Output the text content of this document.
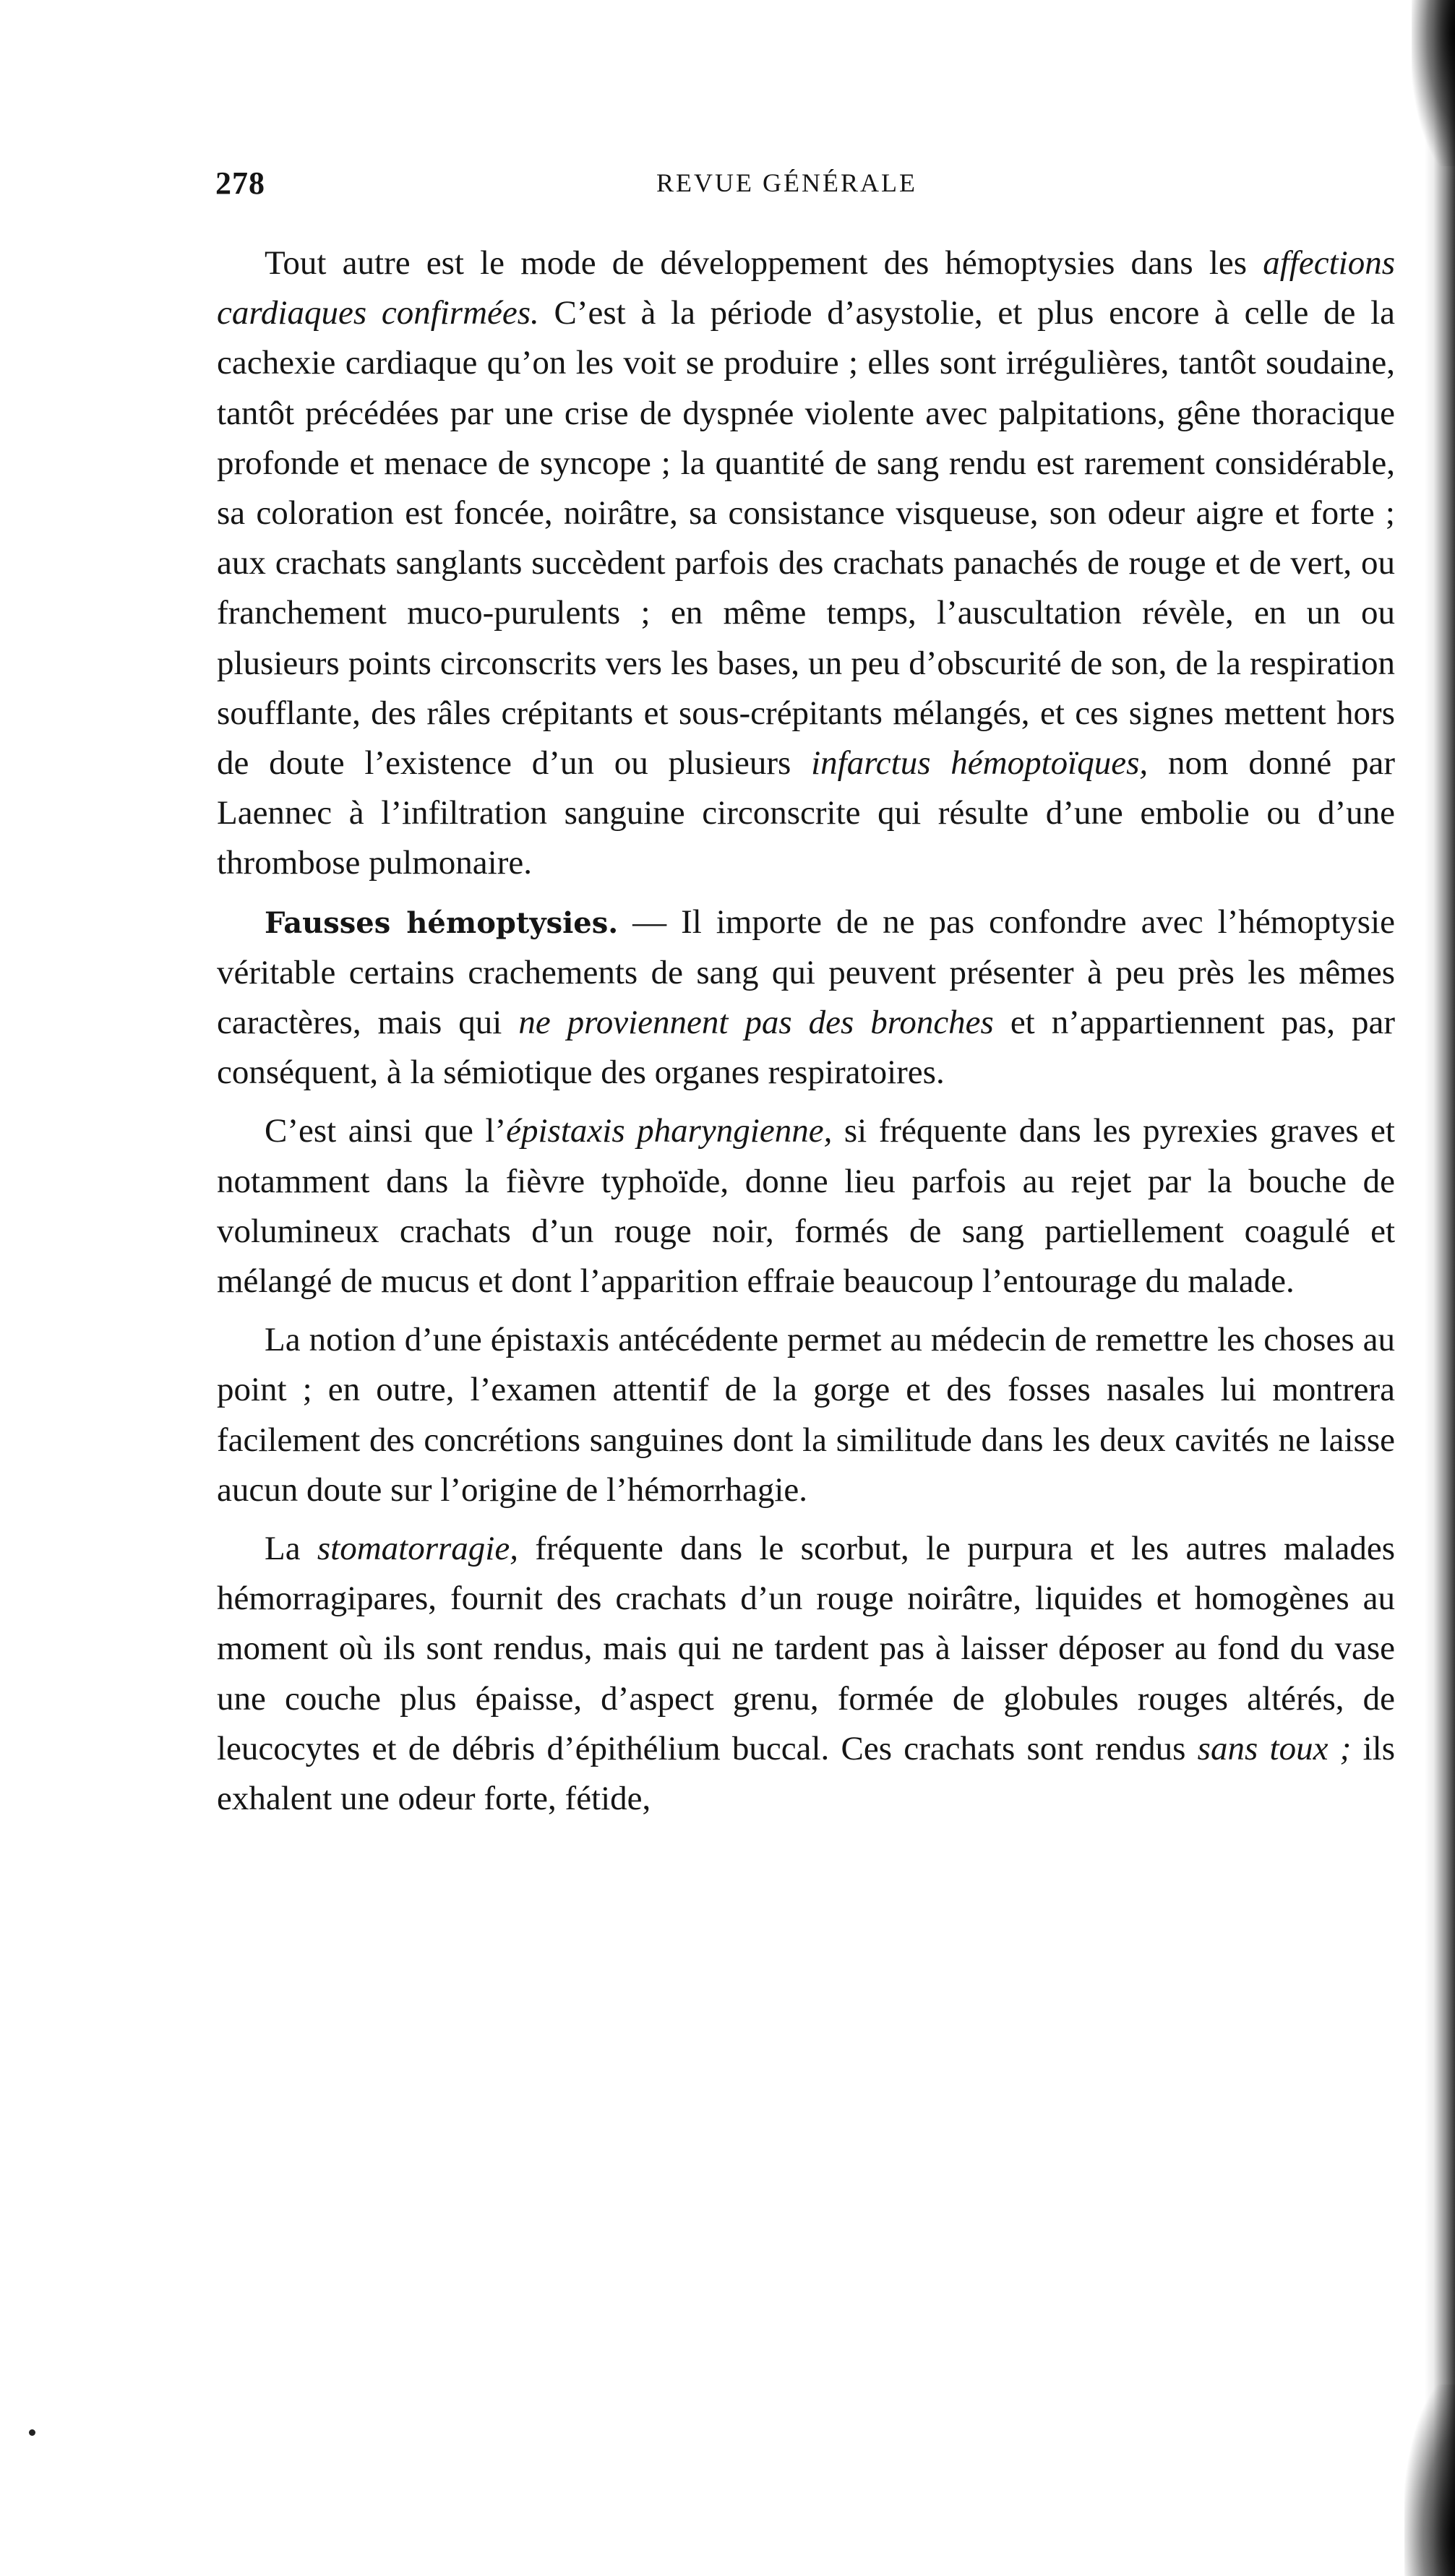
278	REVUE GÉNÉRALE

Tout autre est le mode de développement des hémoptysies dans les affections cardiaques confirmées. C’est à la période d’asystolie, et plus encore à celle de la cachexie cardiaque qu’on les voit se produire ; elles sont irrégulières, tantôt soudaine, tantôt précédées par une crise de dyspnée violente avec palpitations, gêne thoracique profonde et menace de syncope ; la quantité de sang rendu est rarement considérable, sa coloration est foncée, noirâtre, sa consistance visqueuse, son odeur aigre et forte ; aux crachats sanglants succèdent parfois des crachats panachés de rouge et de vert, ou franchement muco-purulents ; en même temps, l’auscultation révèle, en un ou plusieurs points circonscrits vers les bases, un peu d’obscurité de son, de la respiration soufflante, des râles crépitants et sous-crépitants mélangés, et ces signes mettent hors de doute l’existence d’un ou plusieurs infarctus hémoptoïques, nom donné par Laennec à l’infiltration sanguine circonscrite qui résulte d’une embolie ou d’une thrombose pulmonaire.

Fausses hémoptysies. — Il importe de ne pas confondre avec l’hémoptysie véritable certains crachements de sang qui peuvent présenter à peu près les mêmes caractères, mais qui ne proviennent pas des bronches et n’appartiennent pas, par conséquent, à la sémiotique des organes respiratoires.

C’est ainsi que l’épistaxis pharyngienne, si fréquente dans les pyrexies graves et notamment dans la fièvre typhoïde, donne lieu parfois au rejet par la bouche de volumineux crachats d’un rouge noir, formés de sang partiellement coagulé et mélangé de mucus et dont l’apparition effraie beaucoup l’entourage du malade.

La notion d’une épistaxis antécédente permet au médecin de remettre les choses au point ; en outre, l’examen attentif de la gorge et des fosses nasales lui montrera facilement des concrétions sanguines dont la similitude dans les deux cavités ne laisse aucun doute sur l’origine de l’hémorrhagie.

La stomatorragie, fréquente dans le scorbut, le purpura et les autres malades hémorragipares, fournit des crachats d’un rouge noirâtre, liquides et homogènes au moment où ils sont rendus, mais qui ne tardent pas à laisser déposer au fond du vase une couche plus épaisse, d’aspect grenu, formée de globules rouges altérés, de leucocytes et de débris d’épithélium buccal. Ces crachats sont rendus sans toux ; ils exhalent une odeur forte, fétide,
